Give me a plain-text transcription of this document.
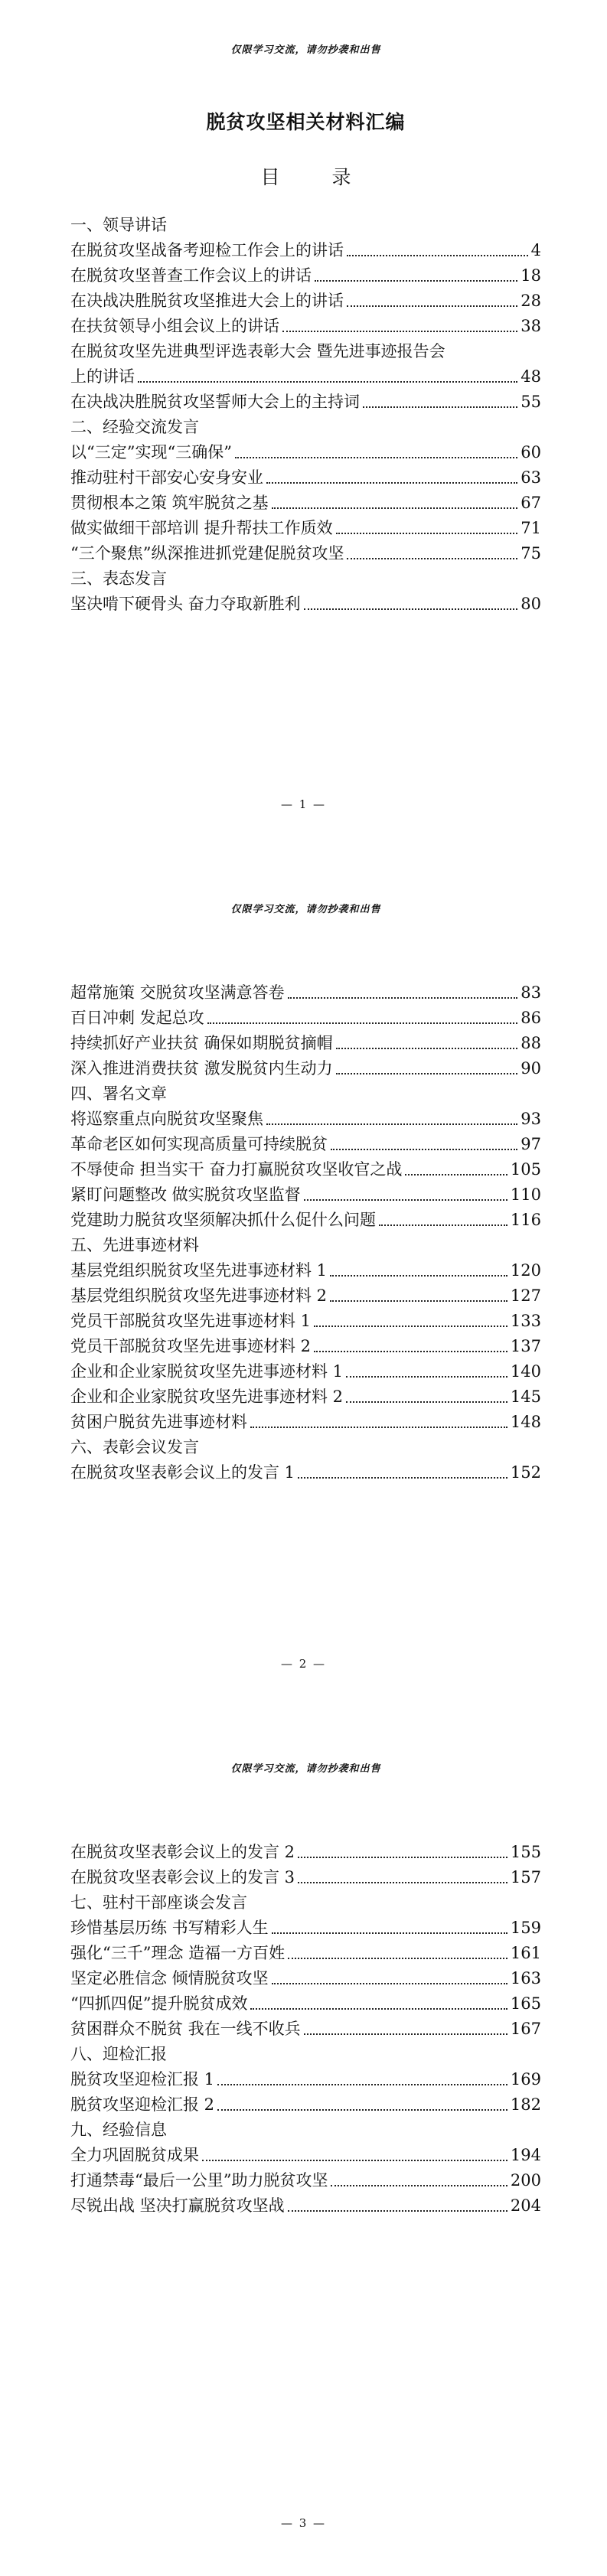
仅限学习交流，请勿抄袭和出售
脱贫攻坚相关材料汇编
目 录
一、领导讲话
在脱贫攻坚战备考迎检工作会上的讲话	4
在脱贫攻坚普查工作会议上的讲话	18
在决战决胜脱贫攻坚推进大会上的讲话	28
在扶贫领导小组会议上的讲话	38
在脱贫攻坚先进典型评选表彰大会 暨先进事迹报告会
上的讲话	48
在决战决胜脱贫攻坚誓师大会上的主持词	55
二、经验交流发言
以“三定”实现“三确保”	60
推动驻村干部安心安身安业	63
贯彻根本之策 筑牢脱贫之基	67
做实做细干部培训 提升帮扶工作质效	71
“三个聚焦”纵深推进抓党建促脱贫攻坚	75
三、表态发言
坚决啃下硬骨头 奋力夺取新胜利	80
— 1 —
仅限学习交流，请勿抄袭和出售
超常施策 交脱贫攻坚满意答卷	83
百日冲刺 发起总攻	86
持续抓好产业扶贫 确保如期脱贫摘帽	88
深入推进消费扶贫 激发脱贫内生动力	90
四、署名文章
将巡察重点向脱贫攻坚聚焦	93
革命老区如何实现高质量可持续脱贫	97
不辱使命 担当实干 奋力打赢脱贫攻坚收官之战	105
紧盯问题整改 做实脱贫攻坚监督	110
党建助力脱贫攻坚须解决抓什么促什么问题	116
五、先进事迹材料
基层党组织脱贫攻坚先进事迹材料 1	120
基层党组织脱贫攻坚先进事迹材料 2	127
党员干部脱贫攻坚先进事迹材料 1	133
党员干部脱贫攻坚先进事迹材料 2	137
企业和企业家脱贫攻坚先进事迹材料 1	140
企业和企业家脱贫攻坚先进事迹材料 2	145
贫困户脱贫先进事迹材料	148
六、表彰会议发言
在脱贫攻坚表彰会议上的发言 1	152
— 2 —
仅限学习交流，请勿抄袭和出售
在脱贫攻坚表彰会议上的发言 2	155
在脱贫攻坚表彰会议上的发言 3	157
七、驻村干部座谈会发言
珍惜基层历练 书写精彩人生	159
强化“三千”理念 造福一方百姓	161
坚定必胜信念 倾情脱贫攻坚	163
“四抓四促”提升脱贫成效	165
贫困群众不脱贫 我在一线不收兵	167
八、迎检汇报
脱贫攻坚迎检汇报 1	169
脱贫攻坚迎检汇报 2	182
九、经验信息
全力巩固脱贫成果	194
打通禁毒“最后一公里”助力脱贫攻坚	200
尽锐出战 坚决打赢脱贫攻坚战	204
— 3 —
